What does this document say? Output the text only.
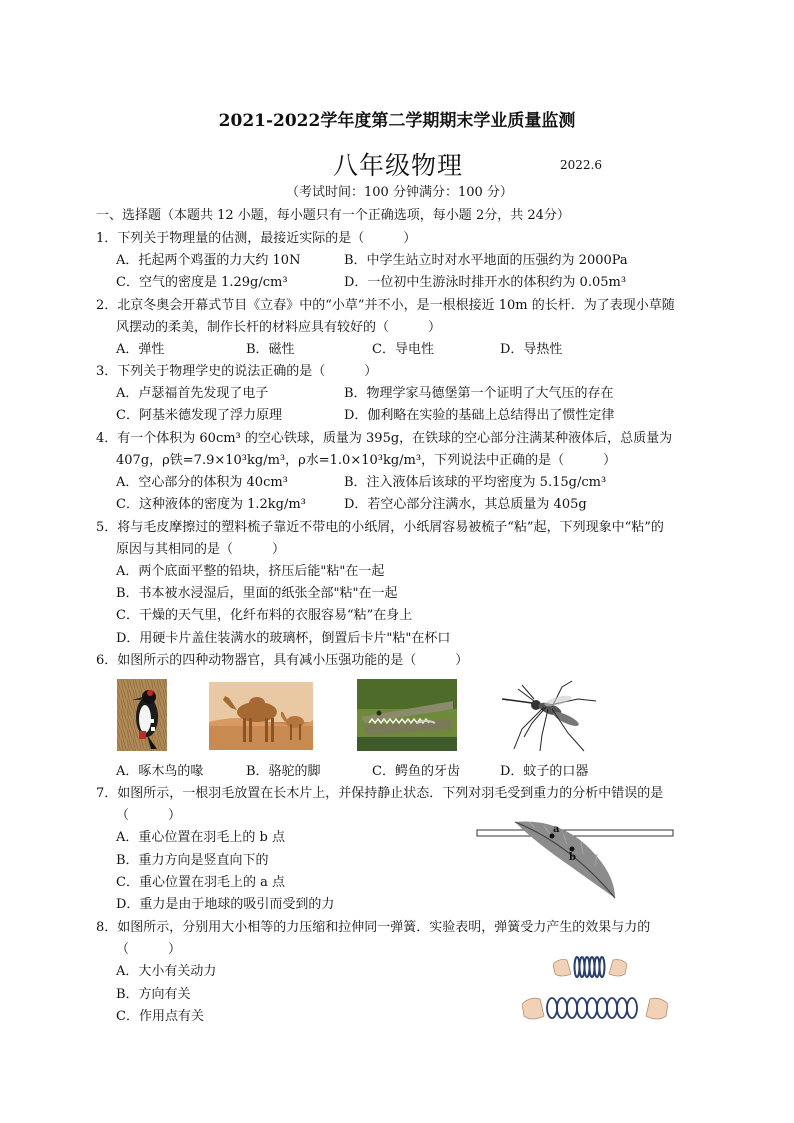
2021-2022学年度第二学期期末学业质量监测
八年级物理	2022.6
（考试时间：100 分钟满分：100 分）
一、选择题（本题共 12 小题，每小题只有一个正确选项，每小题 2分，共 24分）
1．下列关于物理量的估测，最接近实际的是（　　　）
A．托起两个鸡蛋的力大约 10N	B．中学生站立时对水平地面的压强约为 2000Pa
C．空气的密度是 1.29g/cm³	D．一位初中生游泳时排开水的体积约为 0.05m³
2．北京冬奥会开幕式节目《立春》中的“小草”并不小，是一根根接近 10m 的长杆．为了表现小草随
风摆动的柔美，制作长杆的材料应具有较好的（　　　）
A．弹性	B．磁性	C．导电性	D．导热性
3．下列关于物理学史的说法正确的是（　　　）
A．卢瑟福首先发现了电子	B．物理学家马德堡第一个证明了大气压的存在
C．阿基米德发现了浮力原理	D．伽利略在实验的基础上总结得出了惯性定律
4．有一个体积为 60cm³ 的空心铁球，质量为 395g，在铁球的空心部分注满某种液体后，总质量为
407g，ρ铁=7.9×10³kg/m³，ρ水=1.0×10³kg/m³，下列说法中正确的是（　　　）
A．空心部分的体积为 40cm³	B．注入液体后该球的平均密度为 5.15g/cm³
C．这种液体的密度为 1.2kg/m³	D．若空心部分注满水，其总质量为 405g
5．将与毛皮摩擦过的塑料梳子靠近不带电的小纸屑，小纸屑容易被梳子“粘”起，下列现象中“粘”的
原因与其相同的是（　　　）
A．两个底面平整的铅块，挤压后能"粘"在一起
B．书本被水浸湿后，里面的纸张全部"粘"在一起
C．干燥的天气里，化纤布料的衣服容易“粘”在身上
D．用硬卡片盖住装满水的玻璃杯，倒置后卡片"粘"在杯口
6．如图所示的四种动物器官，具有减小压强功能的是（　　　）
A．啄木鸟的喙	B．骆驼的脚	C．鳄鱼的牙齿	D．蚊子的口器
7．如图所示，一根羽毛放置在长木片上，并保持静止状态．下列对羽毛受到重力的分析中错误的是
（　　　）
A．重心位置在羽毛上的 b 点
B．重力方向是竖直向下的
C．重心位置在羽毛上的 a 点
D．重力是由于地球的吸引而受到的力
a
b
8．如图所示，分别用大小相等的力压缩和拉伸同一弹簧．实验表明，弹簧受力产生的效果与力的
（　　　）
A．大小有关动力
B．方向有关
C．作用点有关
